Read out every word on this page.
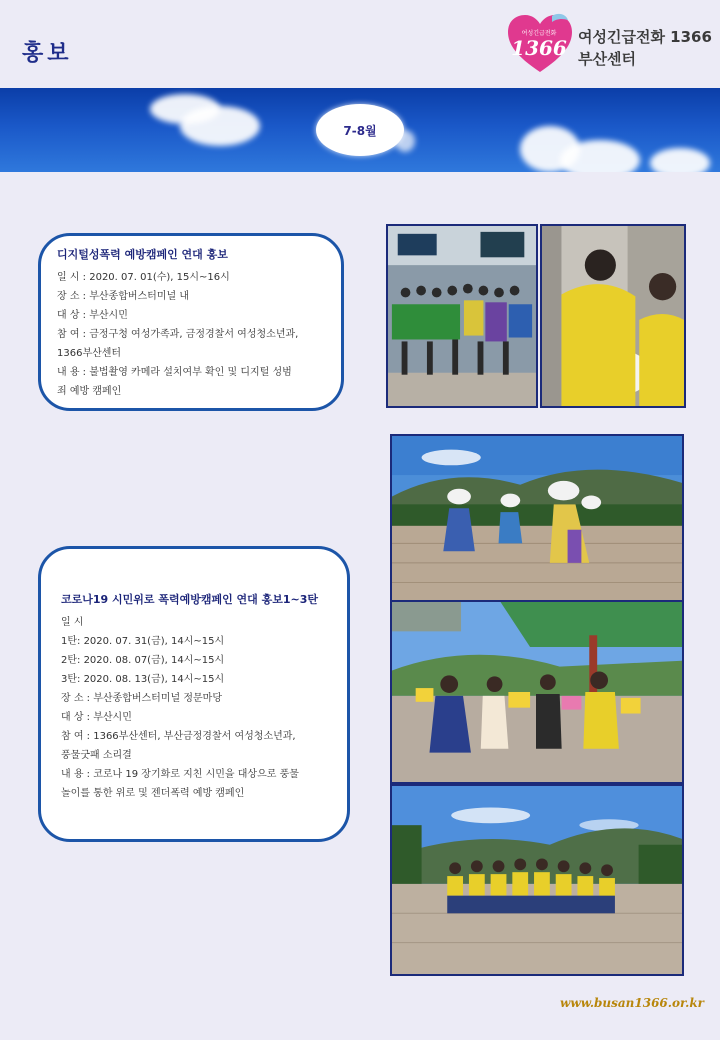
홍보
여성긴급전화
1366 여성긴급전화 1366
부산센터
7-8월
디지털성폭력 예방캠페인 연대 홍보
일 시 : 2020. 07. 01(수), 15시~16시
장 소 : 부산종합버스터미널 내
대 상 : 부산시민
참 여 : 금정구청 여성가족과, 금정경찰서 여성청소년과,
1366부산센터
내 용 : 불법촬영 카메라 설치여부 확인 및 디지털 성범
죄 예방 캠페인
코로나19 시민위로 폭력예방캠페인 연대 홍보1~3탄
일 시
1탄: 2020. 07. 31(금), 14시~15시
2탄: 2020. 08. 07(금), 14시~15시
3탄: 2020. 08. 13(금), 14시~15시
장 소 : 부산종합버스터미널 정문마당
대 상 : 부산시민
참 여 : 1366부산센터, 부산금정경찰서 여성청소년과,
풍물굿패 소리결
내 용 : 코로나 19 장기화로 지친 시민을 대상으로 풍물
놀이를 통한 위로 및 젠더폭력 예방 캠페인
www.busan1366.or.kr
